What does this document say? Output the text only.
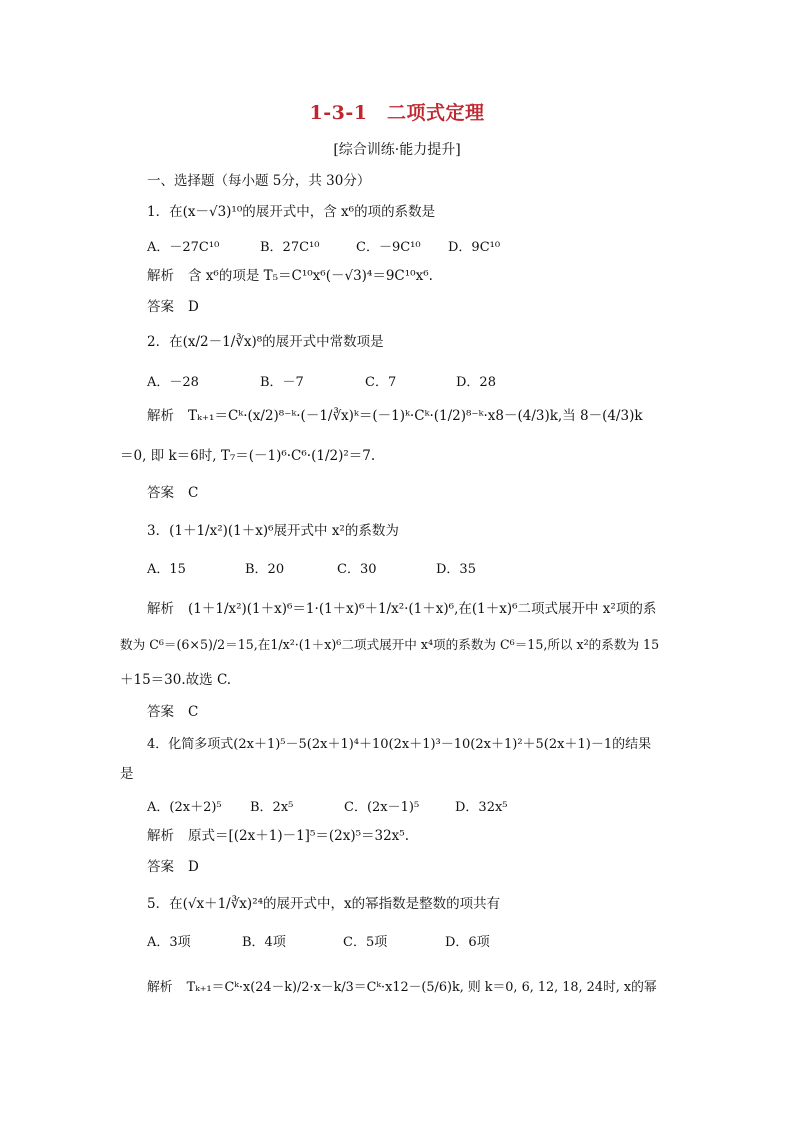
1-3-1　二项式定理
[综合训练·能力提升]
一、选择题（每小题 5分，共 30分）
1．在(x－√3)¹⁰的展开式中，含 x⁶的项的系数是
A．－27C¹⁰	B．27C¹⁰	C．－9C¹⁰ D．9C¹⁰
解析 含 x⁶的项是 T₅＝C¹⁰x⁶(－√3)⁴＝9C¹⁰x⁶.
答案 D
2．在(x/2－1/∛x)⁸的展开式中常数项是
A．－28	B．－7	C．7	D．28
解析 Tₖ₊₁＝Cᵏ·(x/2)⁸⁻ᵏ·(－1/∛x)ᵏ＝(－1)ᵏ·Cᵏ·(1/2)⁸⁻ᵏ·x8－(4/3)k,当 8－(4/3)k
＝0, 即 k＝6时, T₇＝(－1)⁶·C⁶·(1/2)²＝7.
答案 C
3．(1＋1/x²)(1＋x)⁶展开式中 x²的系数为
A．15	B．20	C．30	D．35
解析 (1＋1/x²)(1＋x)⁶＝1·(1＋x)⁶＋1/x²·(1＋x)⁶,在(1＋x)⁶二项式展开中 x²项的系
数为 C⁶＝(6×5)/2＝15,在1/x²·(1＋x)⁶二项式展开中 x⁴项的系数为 C⁶＝15,所以 x²的系数为 15
＋15＝30.故选 C.
答案 C
4．化简多项式(2x＋1)⁵－5(2x＋1)⁴＋10(2x＋1)³－10(2x＋1)²＋5(2x＋1)－1的结果
是
A．(2x＋2)⁵ B．2x⁵	C．(2x－1)⁵	D．32x⁵
解析 原式＝[(2x＋1)－1]⁵＝(2x)⁵＝32x⁵.
答案 D
5．在(√x＋1/∛x)²⁴的展开式中，x的幂指数是整数的项共有
A．3项	B．4项	C．5项	D．6项
解析 Tₖ₊₁＝Cᵏ·x(24－k)/2·x－k/3＝Cᵏ·x12－(5/6)k, 则 k＝0, 6, 12, 18, 24时, x的幂
